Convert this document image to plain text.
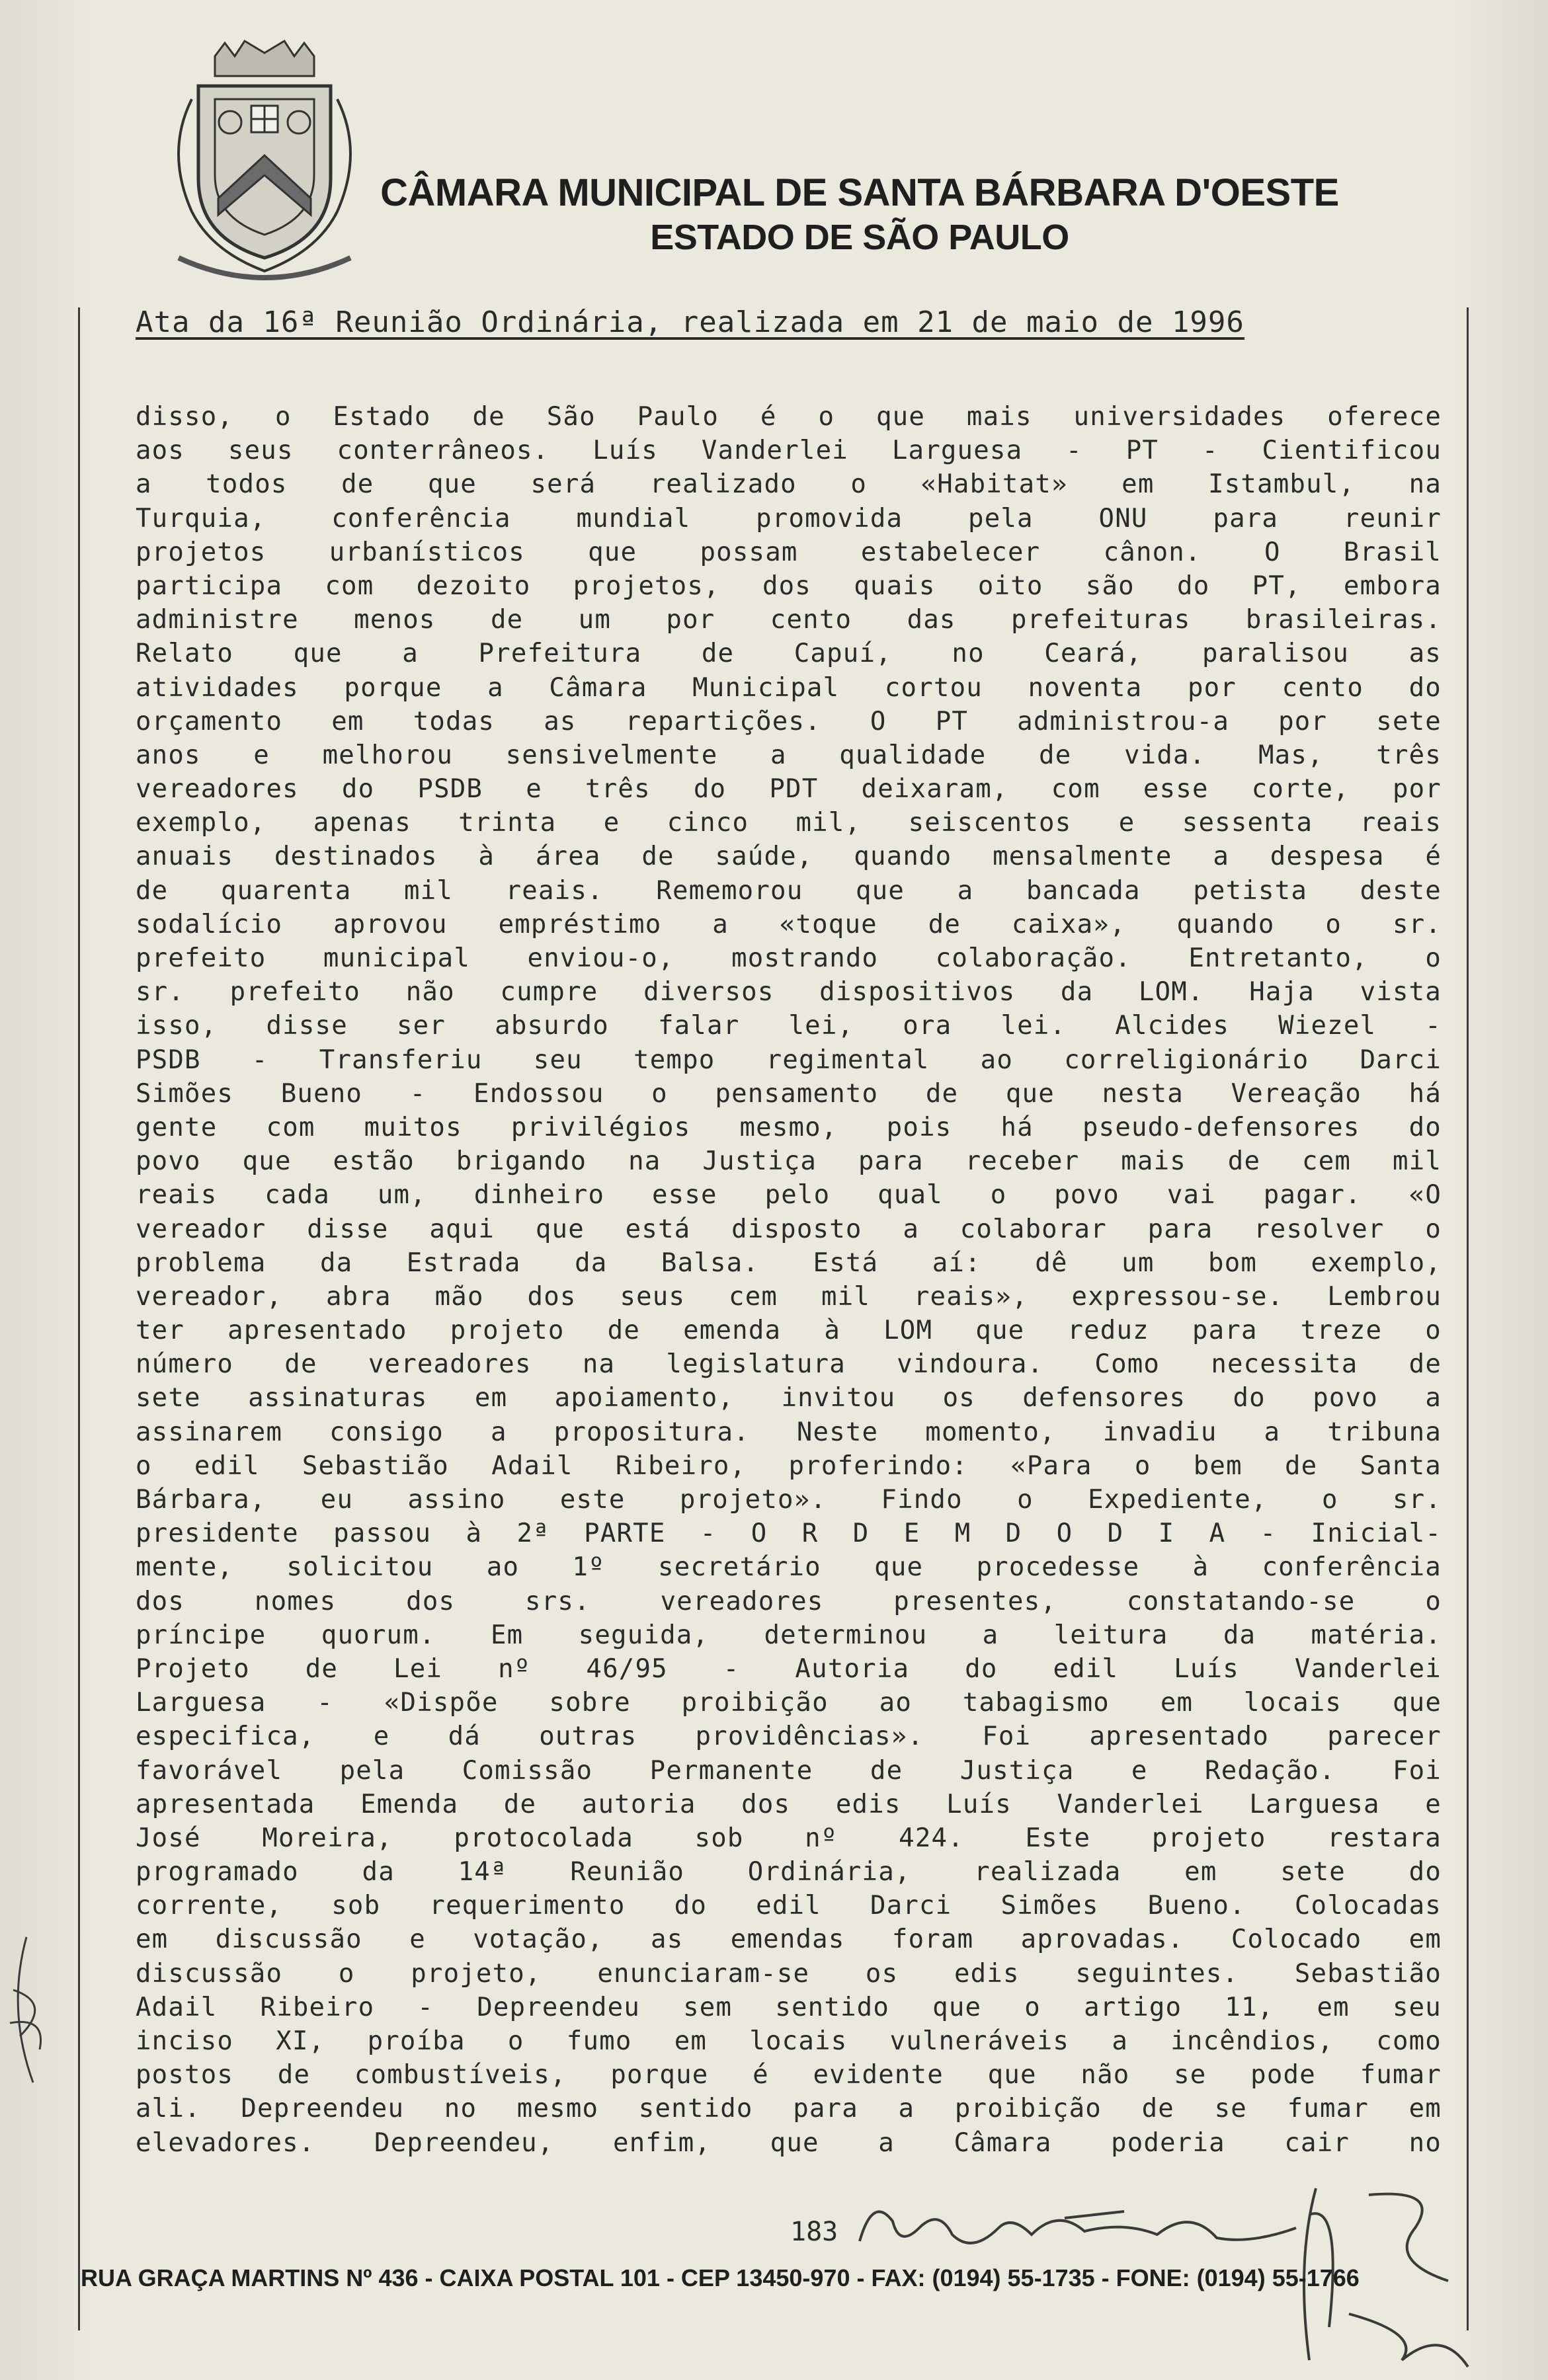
CÂMARA MUNICIPAL DE SANTA BÁRBARA D'OESTE
ESTADO DE SÃO PAULO
Ata da 16ª Reunião Ordinária, realizada em 21 de maio de 1996
disso, o Estado de São Paulo é o que mais universidades oferece
aos seus conterrâneos. Luís Vanderlei Larguesa - PT - Cientificou
a todos de que será realizado o «Habitat» em Istambul, na
Turquia, conferência mundial promovida pela ONU para reunir
projetos urbanísticos que possam estabelecer cânon. O Brasil
participa com dezoito projetos, dos quais oito são do PT, embora
administre menos de um por cento das prefeituras brasileiras.
Relato que a Prefeitura de Capuí, no Ceará, paralisou as
atividades porque a Câmara Municipal cortou noventa por cento do
orçamento em todas as repartições. O PT administrou-a por sete
anos e melhorou sensivelmente a qualidade de vida. Mas, três
vereadores do PSDB e três do PDT deixaram, com esse corte, por
exemplo, apenas trinta e cinco mil, seiscentos e sessenta reais
anuais destinados à área de saúde, quando mensalmente a despesa é
de quarenta mil reais. Rememorou que a bancada petista deste
sodalício aprovou empréstimo a «toque de caixa», quando o sr.
prefeito municipal enviou-o, mostrando colaboração. Entretanto, o
sr. prefeito não cumpre diversos dispositivos da LOM. Haja vista
isso, disse ser absurdo falar lei, ora lei. Alcides Wiezel -
PSDB - Transferiu seu tempo regimental ao correligionário Darci
Simões Bueno - Endossou o pensamento de que nesta Vereação há
gente com muitos privilégios mesmo, pois há pseudo-defensores do
povo que estão brigando na Justiça para receber mais de cem mil
reais cada um, dinheiro esse pelo qual o povo vai pagar. «O
vereador disse aqui que está disposto a colaborar para resolver o
problema da Estrada da Balsa. Está aí: dê um bom exemplo,
vereador, abra mão dos seus cem mil reais», expressou-se. Lembrou
ter apresentado projeto de emenda à LOM que reduz para treze o
número de vereadores na legislatura vindoura. Como necessita de
sete assinaturas em apoiamento, invitou os defensores do povo a
assinarem consigo a propositura. Neste momento, invadiu a tribuna
o edil Sebastião Adail Ribeiro, proferindo: «Para o bem de Santa
Bárbara, eu assino este projeto». Findo o Expediente, o sr.
presidente passou à 2ª PARTE - O R D E M D O D I A - Inicial-
mente, solicitou ao 1º secretário que procedesse à conferência
dos nomes dos srs. vereadores presentes, constatando-se o
príncipe quorum. Em seguida, determinou a leitura da matéria.
Projeto de Lei nº 46/95 - Autoria do edil Luís Vanderlei
Larguesa - «Dispõe sobre proibição ao tabagismo em locais que
especifica, e dá outras providências». Foi apresentado parecer
favorável pela Comissão Permanente de Justiça e Redação. Foi
apresentada Emenda de autoria dos edis Luís Vanderlei Larguesa e
José Moreira, protocolada sob nº 424. Este projeto restara
programado da 14ª Reunião Ordinária, realizada em sete do
corrente, sob requerimento do edil Darci Simões Bueno. Colocadas
em discussão e votação, as emendas foram aprovadas. Colocado em
discussão o projeto, enunciaram-se os edis seguintes. Sebastião
Adail Ribeiro - Depreendeu sem sentido que o artigo 11, em seu
inciso XI, proíba o fumo em locais vulneráveis a incêndios, como
postos de combustíveis, porque é evidente que não se pode fumar
ali. Depreendeu no mesmo sentido para a proibição de se fumar em
elevadores. Depreendeu, enfim, que a Câmara poderia cair no
183
RUA GRAÇA MARTINS Nº 436 - CAIXA POSTAL 101 - CEP 13450-970 - FAX: (0194) 55-1735 - FONE: (0194) 55-1766
